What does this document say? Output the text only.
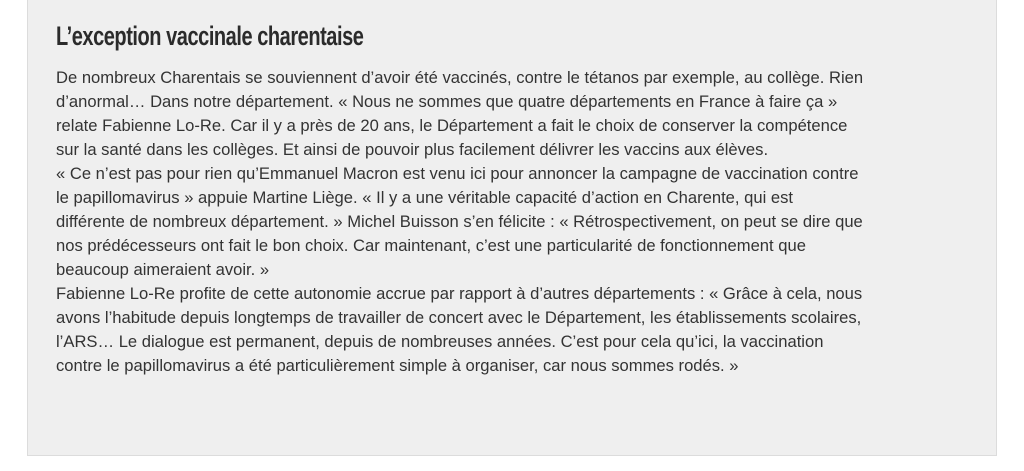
L’exception vaccinale charentaise

De nombreux Charentais se souviennent d’avoir été vaccinés, contre le tétanos par exemple, au collège. Rien
d’anormal… Dans notre département. « Nous ne sommes que quatre départements en France à faire ça »
relate Fabienne Lo-Re. Car il y a près de 20 ans, le Département a fait le choix de conserver la compétence
sur la santé dans les collèges. Et ainsi de pouvoir plus facilement délivrer les vaccins aux élèves.

« Ce n’est pas pour rien qu’Emmanuel Macron est venu ici pour annoncer la campagne de vaccination contre
le papillomavirus » appuie Martine Liège. « Il y a une véritable capacité d’action en Charente, qui est
différente de nombreux département. » Michel Buisson s’en félicite : « Rétrospectivement, on peut se dire que
nos prédécesseurs ont fait le bon choix. Car maintenant, c’est une particularité de fonctionnement que
beaucoup aimeraient avoir. »

Fabienne Lo-Re profite de cette autonomie accrue par rapport à d’autres départements : « Grâce à cela, nous
avons l’habitude depuis longtemps de travailler de concert avec le Département, les établissements scolaires,
l’ARS… Le dialogue est permanent, depuis de nombreuses années. C’est pour cela qu’ici, la vaccination
contre le papillomavirus a été particulièrement simple à organiser, car nous sommes rodés. »
